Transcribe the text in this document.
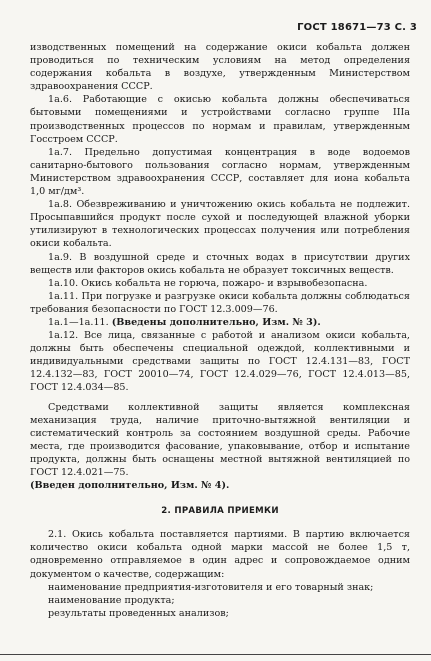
ГОСТ 18671—73 С. 3

изводственных помещений на содержание окиси кобальта должен проводиться по техническим условиям на метод определения содержания кобальта в воздухе, утвержденным Министерством здравоохранения СССР.

1а.6. Работающие с окисью кобальта должны обеспечиваться бытовыми помещениями и устройствами согласно группе IIIа производственных процессов по нормам и правилам, утвержденным Госстроем СССР.

1а.7. Предельно допустимая концентрация в воде водоемов санитарно-бытового пользования согласно нормам, утвержденным Министерством здравоохранения СССР, составляет для иона кобальта 1,0 мг/дм³.

1а.8. Обезвреживанию и уничтожению окись кобальта не подлежит. Просыпавшийся продукт после сухой и последующей влажной уборки утилизируют в технологических процессах получения или потребления окиси кобальта.

1а.9. В воздушной среде и сточных водах в присутствии других веществ или факторов окись кобальта не образует токсичных веществ.

1а.10. Окись кобальта не горюча, пожаро- и взрывобезопасна.

1а.11. При погрузке и разгрузке окиси кобальта должны соблюдаться требования безопасности по ГОСТ 12.3.009—76.

1а.1—1а.11. (Введены дополнительно, Изм. № 3).

1а.12. Все лица, связанные с работой и анализом окиси кобальта, должны быть обеспечены специальной одеждой, коллективными и индивидуальными средствами защиты по ГОСТ 12.4.131—83, ГОСТ 12.4.132—83, ГОСТ 20010—74, ГОСТ 12.4.029—76, ГОСТ 12.4.013—85, ГОСТ 12.4.034—85.

Средствами коллективной защиты является комплексная механизация труда, наличие приточно-вытяжной вентиляции и систематический контроль за состоянием воздушной среды. Рабочие места, где производится фасование, упаковывание, отбор и испытание продукта, должны быть оснащены местной вытяжной вентиляцией по ГОСТ 12.4.021—75.

(Введен дополнительно, Изм. № 4).

2. ПРАВИЛА ПРИЕМКИ

2.1. Окись кобальта поставляется партиями. В партию включается количество окиси кобальта одной марки массой не более 1,5 т, одновременно отправляемое в один адрес и сопровождаемое одним документом о качестве, содержащим:

наименование предприятия-изготовителя и его товарный знак;

наименование продукта;

результаты проведенных анализов;
